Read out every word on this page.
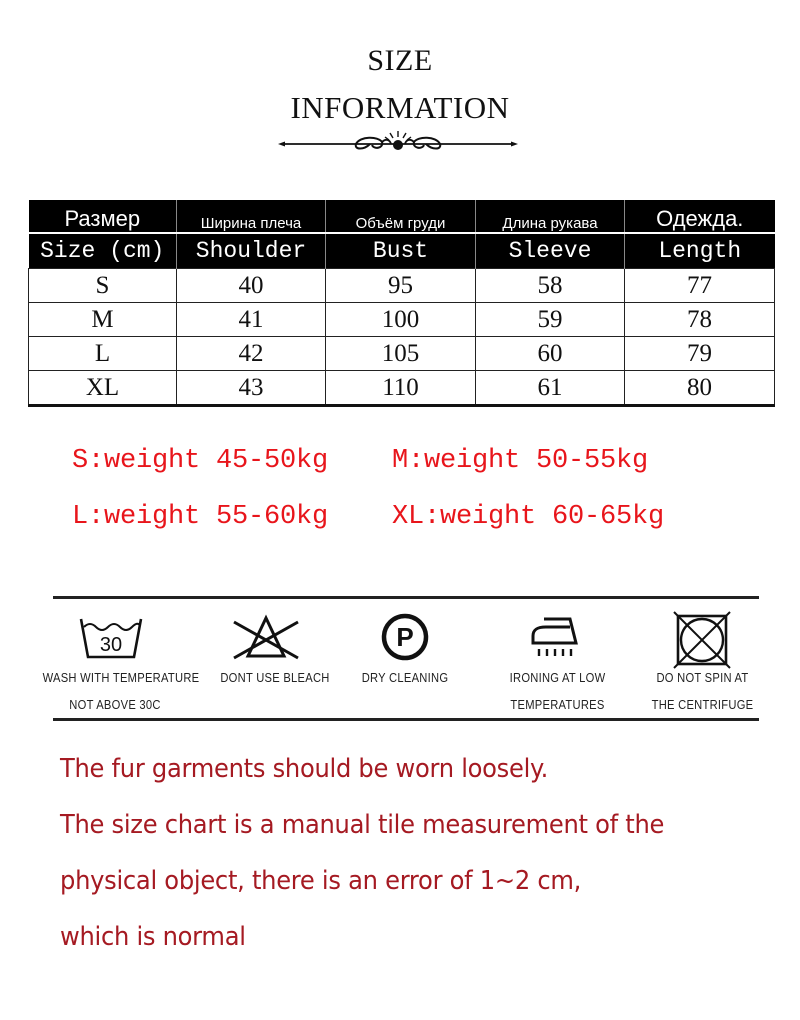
SIZE
INFORMATION
Размер	Ширина плеча	Объём груди	Длина рукава	Одежда.
Size (cm)	Shoulder	Bust	Sleeve	Length
S	40	95	58	77
M	41	100	59	78
L	42	105	60	79
XL	43	110	61	80
S:weight 45-50kg M:weight 50-55kg
L:weight 55-60kg XL:weight 60-65kg
30
WASH WITH TEMPERATURE
NOT ABOVE 30C
DONT USE BLEACH
P
DRY CLEANING	IRONING AT LOW
TEMPERATURES
DO NOT SPIN AT
THE CENTRIFUGE
The fur garments should be worn loosely.
The size chart is a manual tile measurement of the
physical object, there is an error of 1~2 cm,
which is normal
